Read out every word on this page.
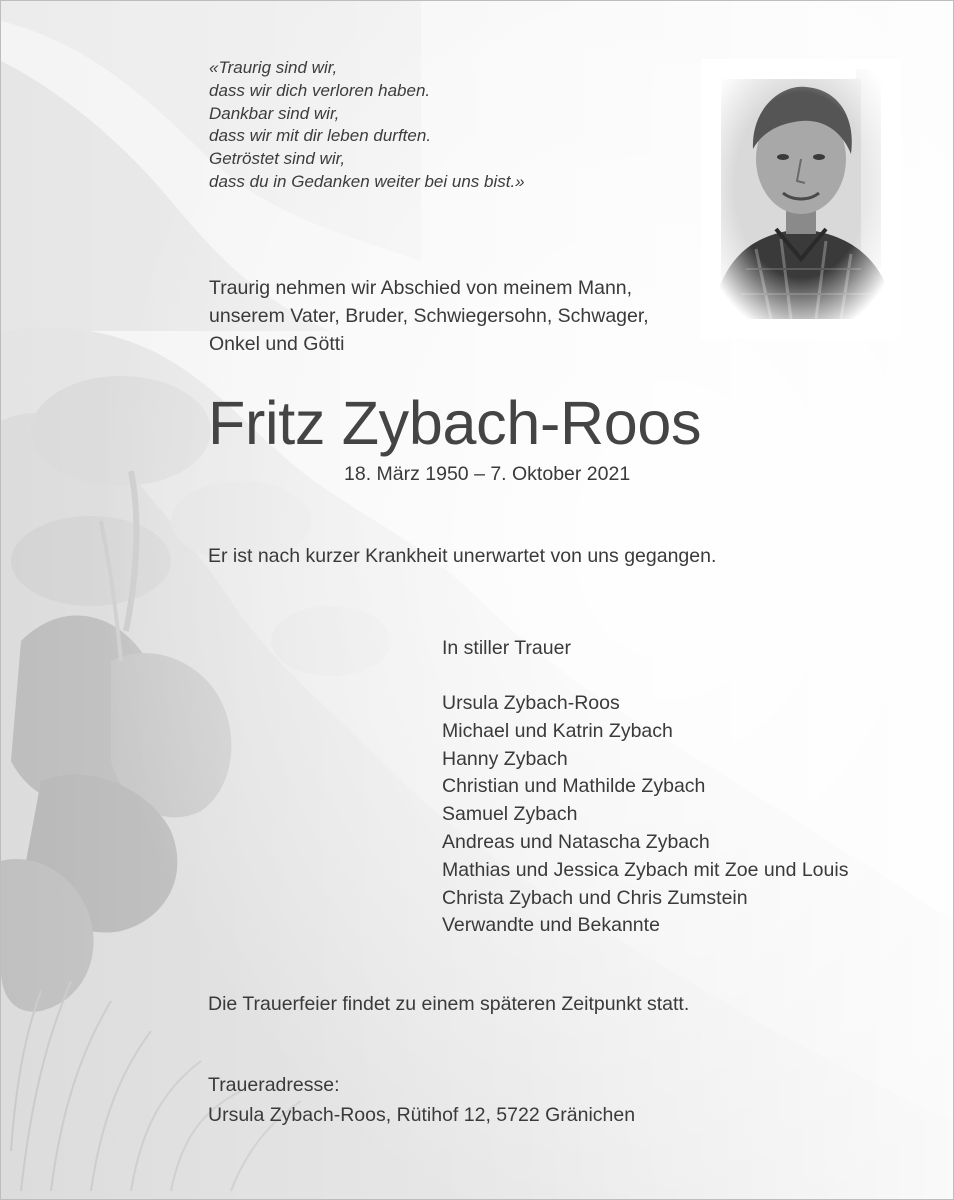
«Traurig sind wir,
dass wir dich verloren haben.
Dankbar sind wir,
dass wir mit dir leben durften.
Getröstet sind wir,
dass du in Gedanken weiter bei uns bist.»
Traurig nehmen wir Abschied von meinem Mann,
unserem Vater, Bruder, Schwiegersohn, Schwager,
Onkel und Götti
Fritz Zybach-Roos
18. März 1950 – 7. Oktober 2021
Er ist nach kurzer Krankheit unerwartet von uns gegangen.
In stiller Trauer
Ursula Zybach-Roos
Michael und Katrin Zybach
Hanny Zybach
Christian und Mathilde Zybach
Samuel Zybach
Andreas und Natascha Zybach
Mathias und Jessica Zybach mit Zoe und Louis
Christa Zybach und Chris Zumstein
Verwandte und Bekannte
Die Trauerfeier findet zu einem späteren Zeitpunkt statt.
Traueradresse:
Ursula Zybach-Roos, Rütihof 12, 5722 Gränichen
